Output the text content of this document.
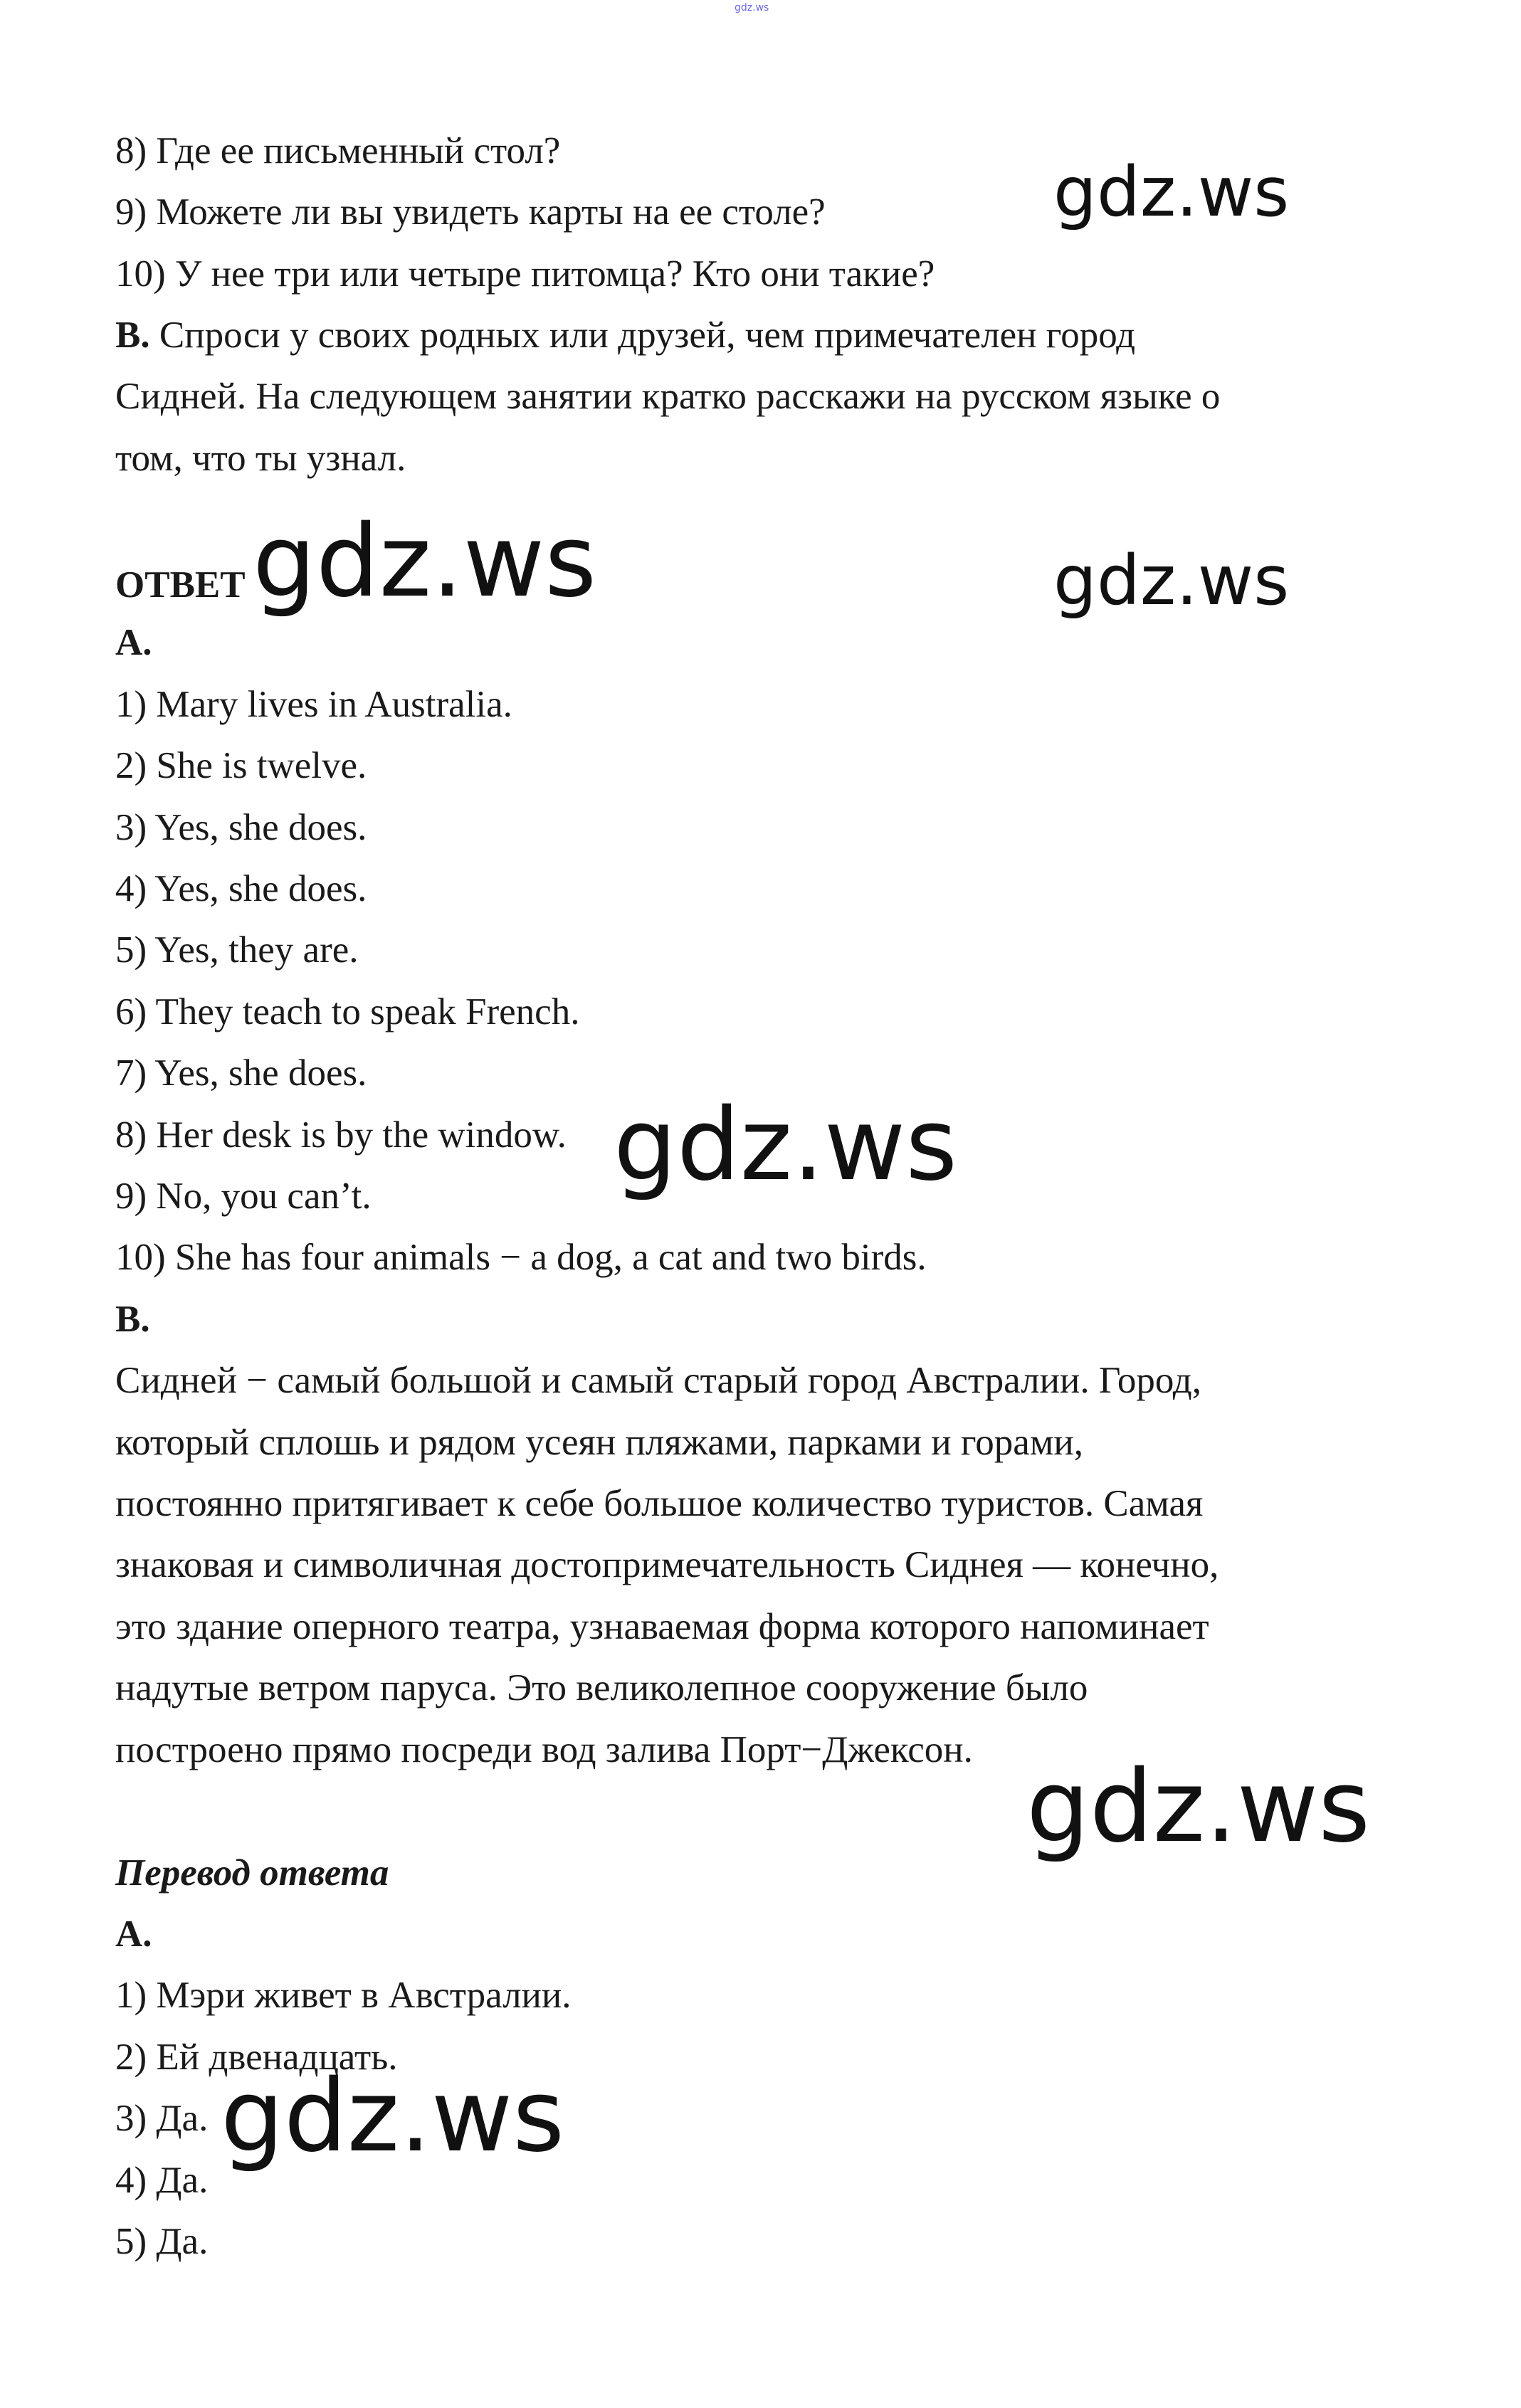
gdz.ws
8) Где ее письменный стол?
9) Можете ли вы увидеть карты на ее столе?
10) У нее три или четыре питомца? Кто они такие?
B. Спроси у своих родных или друзей, чем примечателен город
Сидней. На следующем занятии кратко расскажи на русском языке о
том, что ты узнал.
ОТВЕТ
A.
1) Mary lives in Australia.
2) She is twelve.
3) Yes, she does.
4) Yes, she does.
5) Yes, they are.
6) They teach to speak French.
7) Yes, she does.
8) Her desk is by the window.
9) No, you can’t.
10) She has four animals − a dog, a cat and two birds.
B.
Сидней − самый большой и самый старый город Австралии. Город,
который сплошь и рядом усеян пляжами, парками и горами,
постоянно притягивает к себе большое количество туристов. Самая
знаковая и символичная достопримечательность Сиднея — конечно,
это здание оперного театра, узнаваемая форма которого напоминает
надутые ветром паруса. Это великолепное сооружение было
построено прямо посреди вод залива Порт−Джексон.
Перевод ответа
A.
1) Мэри живет в Австралии.
2) Ей двенадцать.
3) Да.
4) Да.
5) Да.
gdz.ws
gdz.ws	gdz.ws
gdz.ws
gdz.ws
gdz.ws
